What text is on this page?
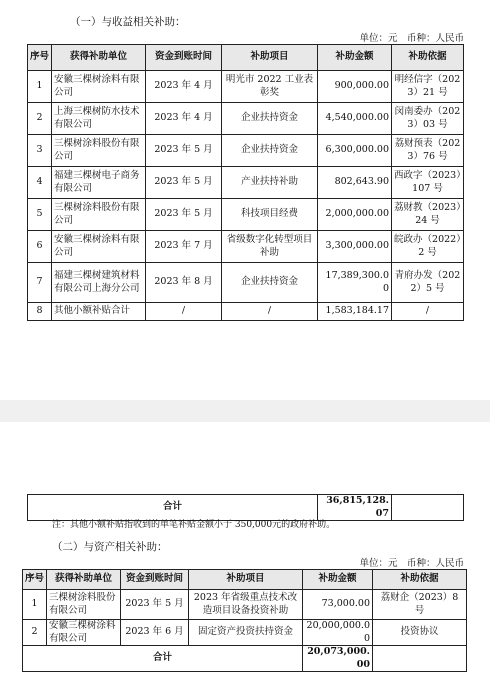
（一）与收益相关补助：
单位：元　币种：人民币
序号	获得补助单位	资金到账时间	补助项目	补助金额	补助依据
1	安徽三棵树涂料有限公司	2023 年 4 月	明光市 2022 工业表彰奖	900,000.00	明经信字（2023）21 号
2	上海三棵树防水技术有限公司	2023 年 4 月	企业扶持资金	4,540,000.00	闵南委办（2023）03 号
3	三棵树涂料股份有限公司	2023 年 5 月	企业扶持资金	6,300,000.00	荔财预表（2023）76 号
4	福建三棵树电子商务有限公司	2023 年 5 月	产业扶持补助	802,643.90	西政字（2023）107 号
5	三棵树涂料股份有限公司	2023 年 5 月	科技项目经费	2,000,000.00	荔财教（2023）24 号
6	安徽三棵树涂料有限公司	2023 年 7 月	省级数字化转型项目补助	3,300,000.00	皖政办（2022）2 号
7	福建三棵树建筑材料有限公司上海分公司	2023 年 8 月	企业扶持资金	17,389,300.00	青府办发（2022）5 号
8	其他小额补贴合计	/	/	1,583,184.17	/
合计	36,815,128.07	
注：其他小额补贴指收到的单笔补贴金额小于 350,000元的政府补助。
（二）与资产相关补助：
单位：元　币种：人民币
序号	获得补助单位	资金到账时间	补助项目	补助金额	补助依据
1	三棵树涂料股份有限公司	2023 年 5 月	2023 年省级重点技术改造项目设备投资补助	73,000.00	荔财企（2023）8 号
2	安徽三棵树涂料有限公司	2023 年 6 月	固定资产投资扶持资金	20,000,000.00	投资协议
合计				20,073,000.00	
